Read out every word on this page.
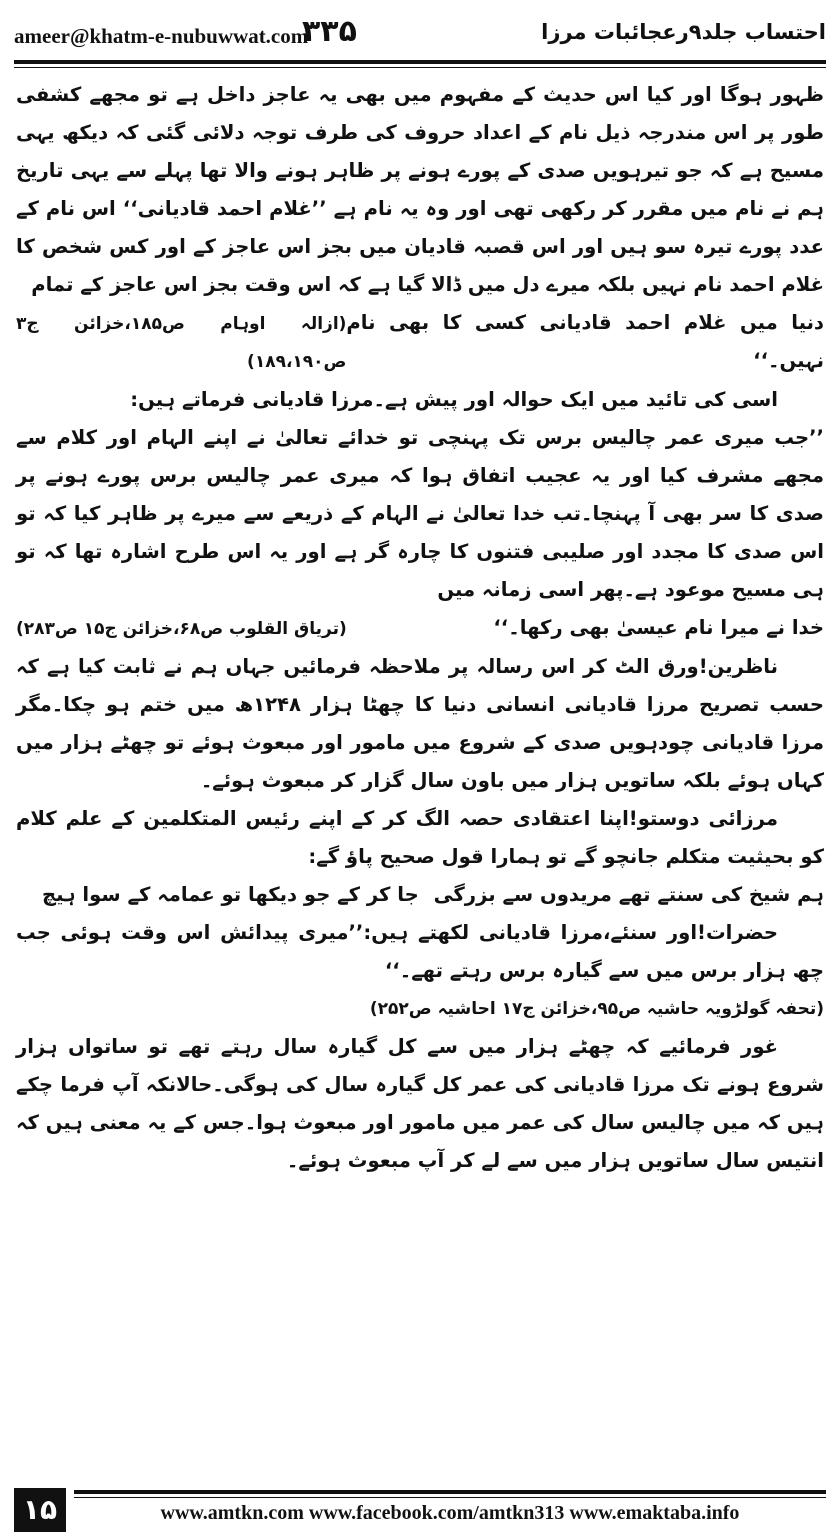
ameer@khatm-e-nubuwwat.com
۳۳۵	احتساب جلد۹رعجائبات مرزا

ظہور ہوگا اور کیا اس حدیث کے مفہوم میں بھی یہ عاجز داخل ہے تو مجھے کشفی طور پر اس مندرجہ ذیل نام کے اعداد حروف کی طرف توجہ دلائی گئی کہ دیکھ یہی مسیح ہے کہ جو تیرہویں صدی کے پورے ہونے پر ظاہر ہونے والا تھا پہلے سے یہی تاریخ ہم نے نام میں مقرر کر رکھی تھی اور وہ یہ نام ہے ’’غلام احمد قادیانی‘‘ اس نام کے عدد پورے تیرہ سو ہیں اور اس قصبہ قادیان میں بجز اس عاجز کے اور کس شخص کا غلام احمد نام نہیں بلکہ میرے دل میں ڈالا گیا ہے کہ اس وقت بجز اس عاجز کے تمام

دنیا میں غلام احمد قادیانی کسی کا بھی نام نہیں۔‘‘
(ازالہ اوہام ص۱۸۵،خزائن ج۳ ص۱۸۹،۱۹۰)

اسی کی تائید میں ایک حوالہ اور پیش ہے۔مرزا قادیانی فرماتے ہیں:

’’جب میری عمر چالیس برس تک پہنچی تو خدائے تعالیٰ نے اپنے الہام اور کلام سے مجھے مشرف کیا اور یہ عجیب اتفاق ہوا کہ میری عمر چالیس برس پورے ہونے پر صدی کا سر بھی آ پہنچا۔تب خدا تعالیٰ نے الہام کے ذریعے سے میرے پر ظاہر کیا کہ تو اس صدی کا مجدد اور صلیبی فتنوں کا چارہ گر ہے اور یہ اس طرح اشارہ تھا کہ تو ہی مسیح موعود ہے۔پھر اسی زمانہ میں

خدا نے میرا نام عیسیٰ بھی رکھا۔‘‘
(تریاق القلوب ص۶۸،خزائن ج۱۵ ص۲۸۳)

ناظرین!ورق الٹ کر اس رسالہ پر ملاحظہ فرمائیں جہاں ہم نے ثابت کیا ہے کہ حسب تصریح مرزا قادیانی انسانی دنیا کا چھٹا ہزار ۱۲۴۸ھ میں ختم ہو چکا۔مگر مرزا قادیانی چودہویں صدی کے شروع میں مامور اور مبعوث ہوئے تو چھٹے ہزار میں کہاں ہوئے بلکہ ساتویں ہزار میں باون سال گزار کر مبعوث ہوئے۔

مرزائی دوستو!اپنا اعتقادی حصہ الگ کر کے اپنے رئیس المتکلمین کے علم کلام کو بحیثیت متکلم جانچو گے تو ہمارا قول صحیح پاؤ گے:

ہم شیخ کی سنتے تھے مریدوں سے بزرگی
جا کر کے جو دیکھا تو عمامہ کے سوا ہیچ

حضرات!اور سنئے،مرزا قادیانی لکھتے ہیں:’’میری پیدائش اس وقت ہوئی جب چھ ہزار برس میں سے گیارہ برس رہتے تھے۔‘‘

(تحفہ گولڑویہ حاشیہ ص۹۵،خزائن ج۱۷ احاشیہ ص۲۵۲)

غور فرمائیے کہ چھٹے ہزار میں سے کل گیارہ سال رہتے تھے تو ساتواں ہزار شروع ہونے تک مرزا قادیانی کی عمر کل گیارہ سال کی ہوگی۔حالانکہ آپ فرما چکے ہیں کہ میں چالیس سال کی عمر میں مامور اور مبعوث ہوا۔جس کے یہ معنی ہیں کہ انتیس سال ساتویں ہزار میں سے لے کر آپ مبعوث ہوئے۔

۱۵	www.amtkn.com www.facebook.com/amtkn313 www.emaktaba.info
